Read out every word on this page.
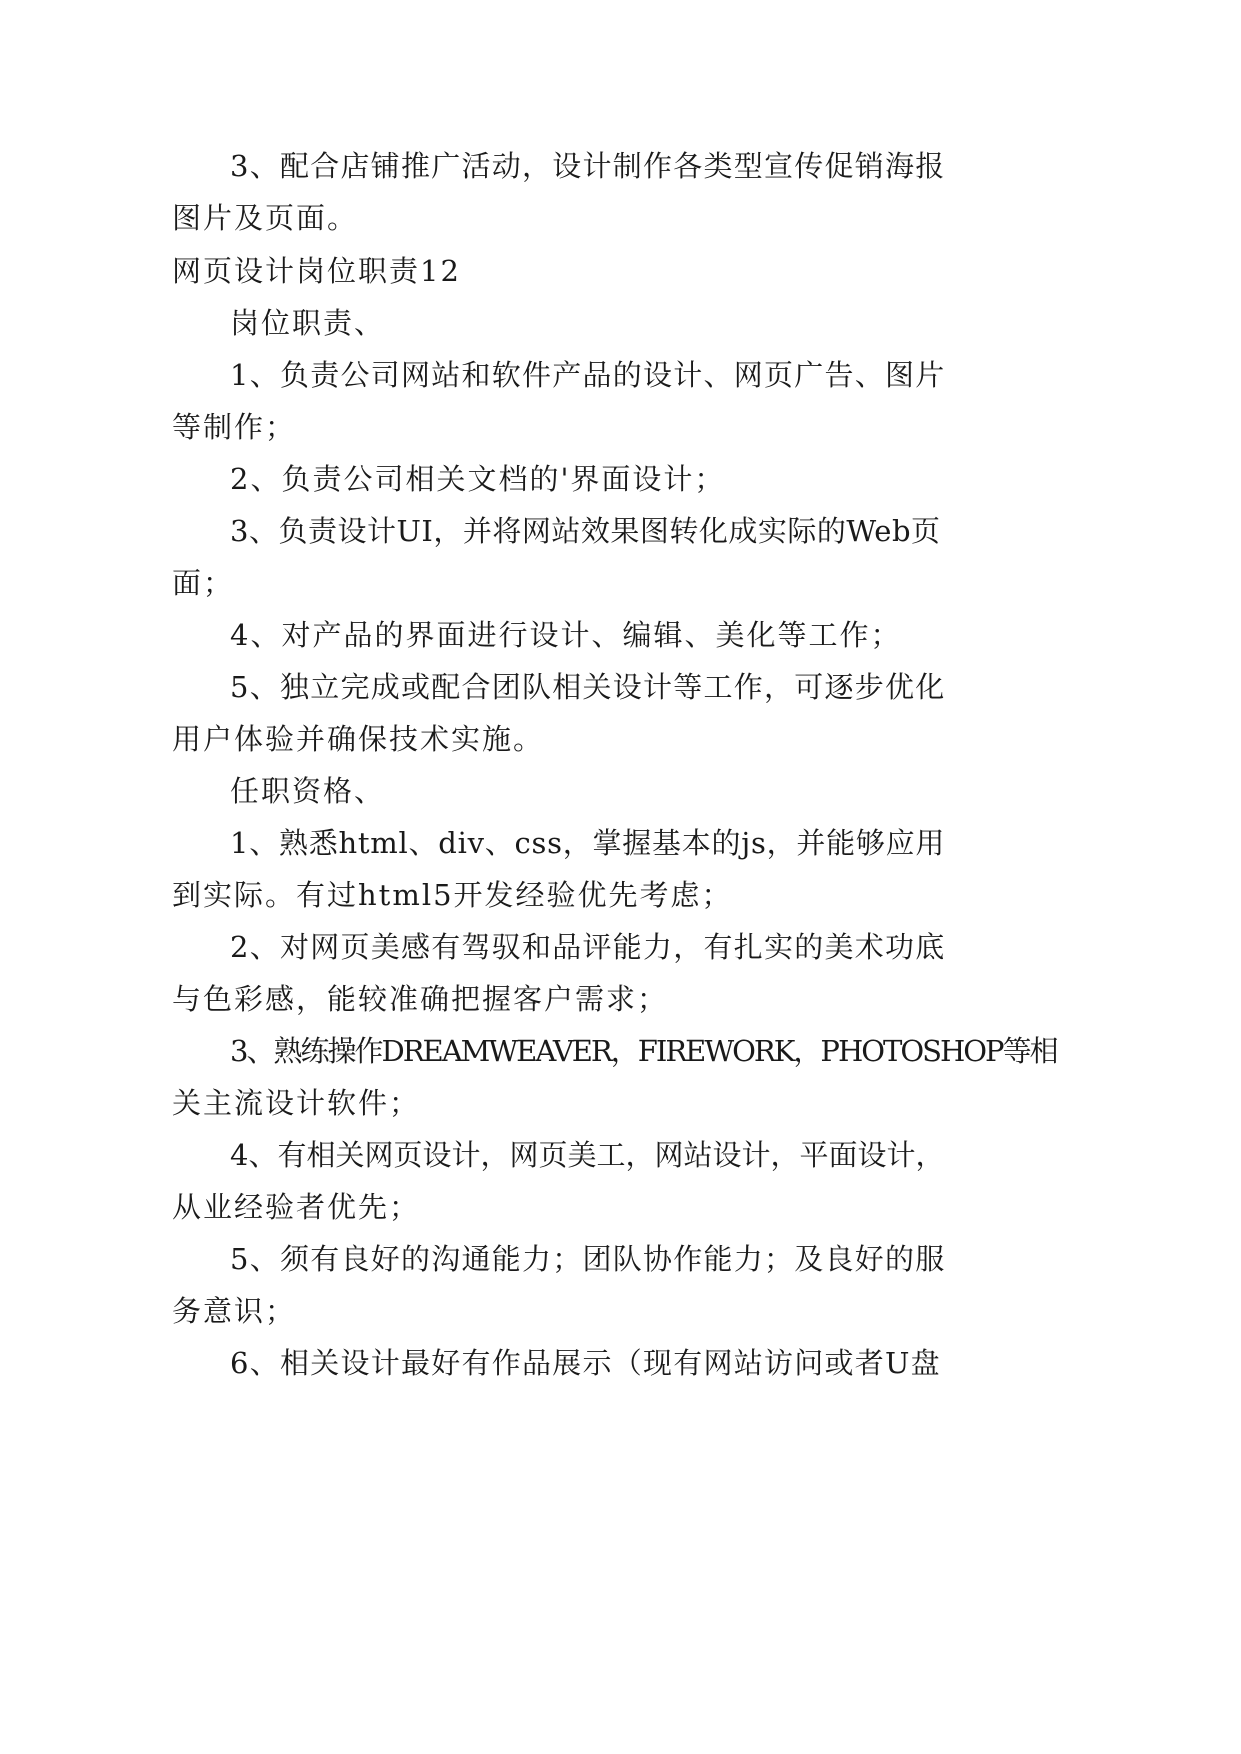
3、配合店铺推广活动，设计制作各类型宣传促销海报
图片及页面。
网页设计岗位职责12
岗位职责、
1、负责公司网站和软件产品的设计、网页广告、图片
等制作；
2、负责公司相关文档的'界面设计；
3、负责设计UI，并将网站效果图转化成实际的Web页
面；
4、对产品的界面进行设计、编辑、美化等工作；
5、独立完成或配合团队相关设计等工作，可逐步优化
用户体验并确保技术实施。
任职资格、
1、熟悉html、div、css，掌握基本的js，并能够应用
到实际。有过html5开发经验优先考虑；
2、对网页美感有驾驭和品评能力，有扎实的美术功底
与色彩感，能较准确把握客户需求；
3、熟练操作DREAMWEAVER，FIREWORK，PHOTOSHOP等相
关主流设计软件；
4、有相关网页设计，网页美工，网站设计，平面设计，
从业经验者优先；
5、须有良好的沟通能力；团队协作能力；及良好的服
务意识；
6、相关设计最好有作品展示（现有网站访问或者U盘
